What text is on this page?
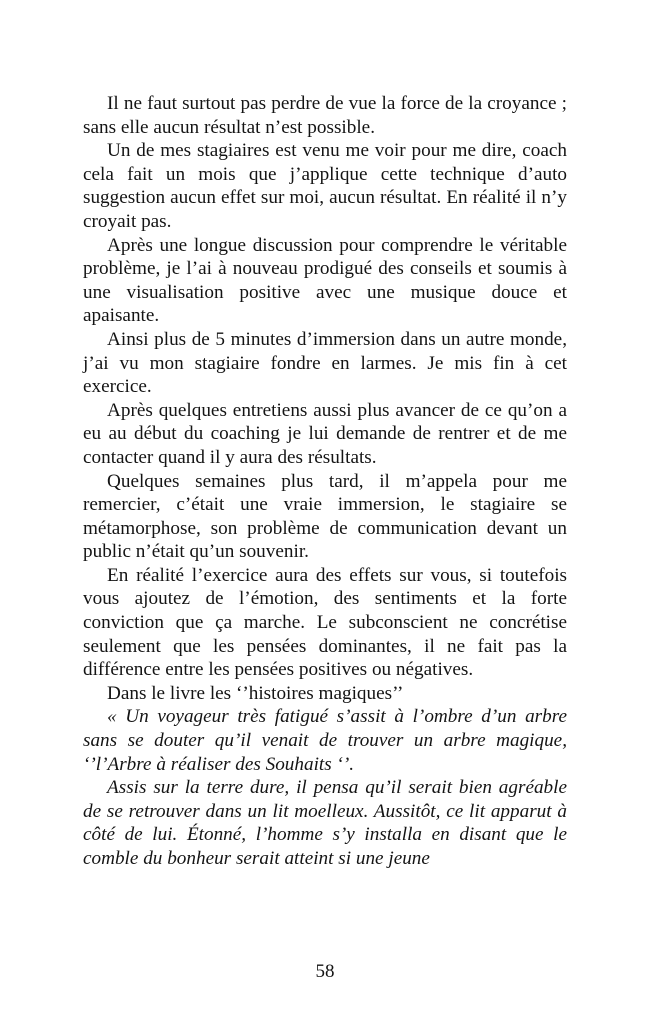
Il ne faut surtout pas perdre de vue la force de la croyance ; sans elle aucun résultat n’est possible.

Un de mes stagiaires est venu me voir pour me dire, coach cela fait un mois que j’applique cette technique d’auto suggestion aucun effet sur moi, aucun résultat. En réalité il n’y croyait pas.

Après une longue discussion pour comprendre le véritable problème, je l’ai à nouveau prodigué des conseils et soumis à une visualisation positive avec une musique douce et apaisante.

Ainsi plus de 5 minutes d’immersion dans un autre monde, j’ai vu mon stagiaire fondre en larmes. Je mis fin à cet exercice.

Après quelques entretiens aussi plus avancer de ce qu’on a eu au début du coaching je lui demande de rentrer et de me contacter quand il y aura des résultats.

Quelques semaines plus tard, il m’appela pour me remercier, c’était une vraie immersion, le stagiaire se métamorphose, son problème de communication devant un public n’était qu’un souvenir.

En réalité l’exercice aura des effets sur vous, si toutefois vous ajoutez de l’émotion, des sentiments et la forte conviction que ça marche. Le subconscient ne concrétise seulement que les pensées dominantes, il ne fait pas la différence entre les pensées positives ou négatives.

Dans le livre les ‘’histoires magiques’’

« Un voyageur très fatigué s’assit à l’ombre d’un arbre sans se douter qu’il venait de trouver un arbre magique, ‘’l’Arbre à réaliser des Souhaits ‘’.

Assis sur la terre dure, il pensa qu’il serait bien agréable de se retrouver dans un lit moelleux. Aussitôt, ce lit apparut à côté de lui. Étonné, l’homme s’y installa en disant que le comble du bonheur serait atteint si une jeune

58
